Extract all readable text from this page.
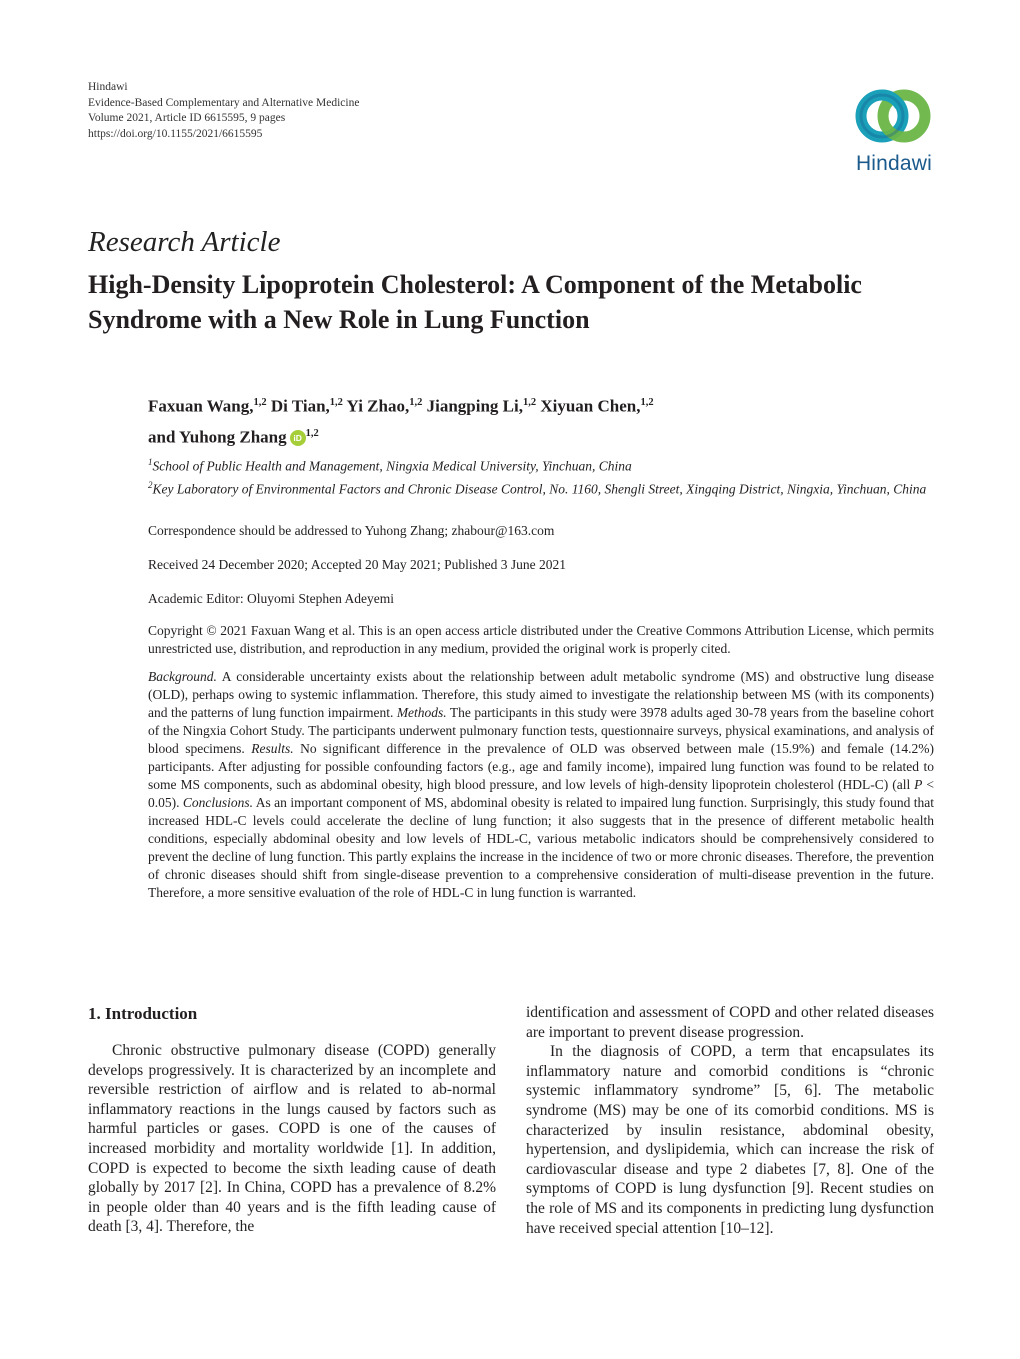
Hindawi
Evidence-Based Complementary and Alternative Medicine
Volume 2021, Article ID 6615595, 9 pages
https://doi.org/10.1155/2021/6615595
Hindawi
Research Article
High-Density Lipoprotein Cholesterol: A Component of the Metabolic Syndrome with a New Role in Lung Function
Faxuan Wang,$^{1,2}$ Di Tian,$^{1,2}$ Yi Zhao,$^{1,2}$ Jiangping Li,$^{1,2}$ Xiyuan Chen,$^{1,2}$
and Yuhong Zhang iD $^{1,2}$
$^1$School of Public Health and Management, Ningxia Medical University, Yinchuan, China
$^2$Key Laboratory of Environmental Factors and Chronic Disease Control, No. 1160, Shengli Street, Xingqing District, Ningxia, Yinchuan, China
Correspondence should be addressed to Yuhong Zhang; zhabour@163.com
Received 24 December 2020; Accepted 20 May 2021; Published 3 June 2021
Academic Editor: Oluyomi Stephen Adeyemi
Copyright © 2021 Faxuan Wang et al. This is an open access article distributed under the Creative Commons Attribution License, which permits unrestricted use, distribution, and reproduction in any medium, provided the original work is properly cited.
Background. A considerable uncertainty exists about the relationship between adult metabolic syndrome (MS) and obstructive lung disease (OLD), perhaps owing to systemic inflammation. Therefore, this study aimed to investigate the relationship between MS (with its components) and the patterns of lung function impairment. Methods. The participants in this study were 3978 adults aged 30-78 years from the baseline cohort of the Ningxia Cohort Study. The participants underwent pulmonary function tests, questionnaire surveys, physical examinations, and analysis of blood specimens. Results. No significant difference in the prevalence of OLD was observed between male (15.9%) and female (14.2%) participants. After adjusting for possible confounding factors (e.g., age and family income), impaired lung function was found to be related to some MS components, such as abdominal obesity, high blood pressure, and low levels of high-density lipoprotein cholesterol (HDL-C) (all P < 0.05). Conclusions. As an important component of MS, abdominal obesity is related to impaired lung function. Surprisingly, this study found that increased HDL-C levels could accelerate the decline of lung function; it also suggests that in the presence of different metabolic health conditions, especially abdominal obesity and low levels of HDL-C, various metabolic indicators should be comprehensively considered to prevent the decline of lung function. This partly explains the increase in the incidence of two or more chronic diseases. Therefore, the prevention of chronic diseases should shift from single-disease prevention to a comprehensive consideration of multi-disease prevention in the future. Therefore, a more sensitive evaluation of the role of HDL-C in lung function is warranted.
1. Introduction

Chronic obstructive pulmonary disease (COPD) generally develops progressively. It is characterized by an incomplete and reversible restriction of airflow and is related to ab-normal inflammatory reactions in the lungs caused by factors such as harmful particles or gases. COPD is one of the causes of increased morbidity and mortality worldwide [1]. In addition, COPD is expected to become the sixth leading cause of death globally by 2017 [2]. In China, COPD has a prevalence of 8.2% in people older than 40 years and is the fifth leading cause of death [3, 4]. Therefore, the

identification and assessment of COPD and other related diseases are important to prevent disease progression.

In the diagnosis of COPD, a term that encapsulates its inflammatory nature and comorbid conditions is “chronic systemic inflammatory syndrome” [5, 6]. The metabolic syndrome (MS) may be one of its comorbid conditions. MS is characterized by insulin resistance, abdominal obesity, hypertension, and dyslipidemia, which can increase the risk of cardiovascular disease and type 2 diabetes [7, 8]. One of the symptoms of COPD is lung dysfunction [9]. Recent studies on the role of MS and its components in predicting lung dysfunction have received special attention [10–12].
